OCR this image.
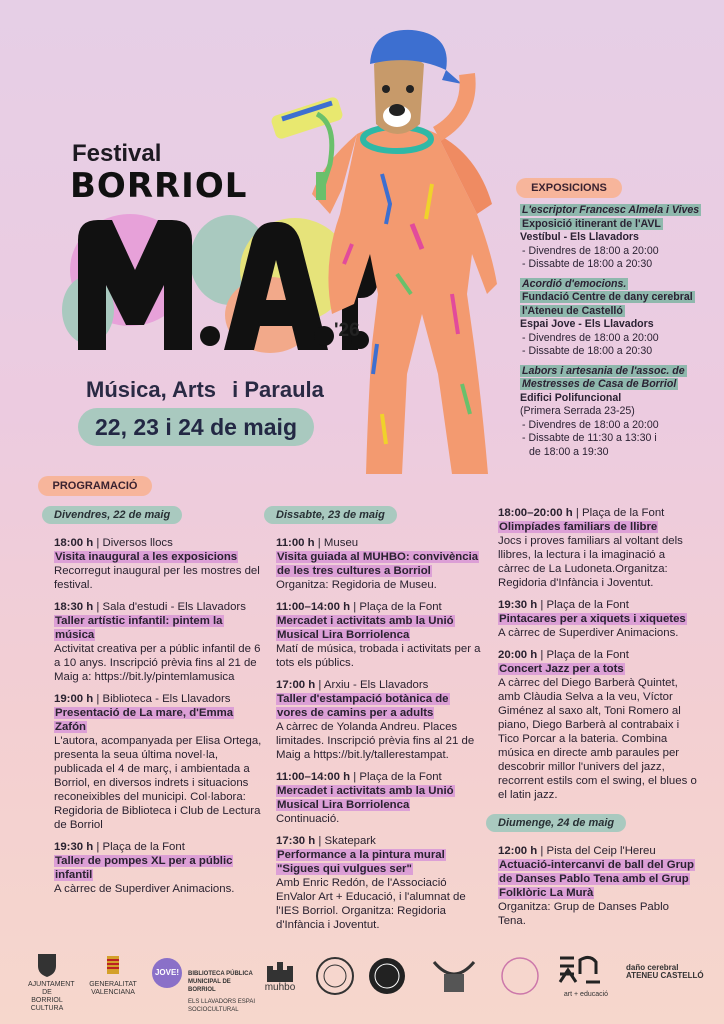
Festival
BORRIOL
'26
Música, Arts i Paraula
22, 23 i 24 de maig
EXPOSICIONS
L'escriptor Francesc Almela i Vives
Exposició itinerant de l'AVL
Vestíbul - Els Llavadors
- Divendres de 18:00 a 20:00
- Dissabte de 18:00 a 20:30
Acordió d'emocions.
Fundació Centre de dany cerebral l'Ateneu de Castelló
Espai Jove - Els Llavadors
- Divendres de 18:00 a 20:00
- Dissabte de 18:00 a 20:30
Labors i artesania de l'assoc. de Mestresses de Casa de Borriol
Edifici Polifuncional
(Primera Serrada 23-25)
- Divendres de 18:00 a 20:00
- Dissabte de 11:30 a 13:30 i
de 18:00 a 19:30
PROGRAMACIÓ
Divendres, 22 de maig
18:00 h | Diversos llocs
Visita inaugural a les exposicions
Recorregut inaugural per les mostres del festival.
18:30 h | Sala d'estudi - Els Llavadors
Taller artístic infantil: pintem la música
Activitat creativa per a públic infantil de 6 a 10 anys. Inscripció prèvia fins al 21 de Maig a: https://bit.ly/pintemlamusica
19:00 h | Biblioteca - Els Llavadors
Presentació de La mare, d'Emma Zafón
L'autora, acompanyada per Elisa Ortega, presenta la seua última novel·la, publicada el 4 de març, i ambientada a Borriol, en diversos indrets i situacions reconeixibles del municipi. Col·labora: Regidoria de Biblioteca i Club de Lectura de Borriol
19:30 h | Plaça de la Font
Taller de pompes XL per a públic infantil
A càrrec de Superdiver Animacions.
Dissabte, 23 de maig
11:00 h | Museu
Visita guiada al MUHBO: convivència de les tres cultures a Borriol
Organitza: Regidoria de Museu.
11:00–14:00 h | Plaça de la Font
Mercadet i activitats amb la Unió Musical Lira Borriolenca
Matí de música, trobada i activitats per a tots els públics.
17:00 h | Arxiu - Els Llavadors
Taller d'estampació botànica de vores de camins per a adults
A càrrec de Yolanda Andreu. Places limitades. Inscripció prèvia fins al 21 de Maig a https://bit.ly/tallerestampat.
11:00–14:00 h | Plaça de la Font
Mercadet i activitats amb la Unió Musical Lira Borriolenca
Continuació.
17:30 h | Skatepark
Performance a la pintura mural "Sigues qui vulgues ser"
Amb Enric Redón, de l'Associació EnValor Art + Educació, i l'alumnat de l'IES Borriol. Organitza: Regidoria d'Infància i Joventut.
18:00–20:00 h | Plaça de la Font
Olimpíades familiars de llibre
Jocs i proves familiars al voltant dels llibres, la lectura i la imaginació a càrrec de La Ludoneta.Organitza: Regidoria d'Infància i Joventut.
19:30 h | Plaça de la Font
Pintacares per a xiquets i xiquetes
A càrrec de Superdiver Animacions.
20:00 h | Plaça de la Font
Concert Jazz per a tots
A càrrec del Diego Barberà Quintet, amb Clàudia Selva a la veu, Víctor Giménez al saxo alt, Toni Romero al piano, Diego Barberà al contrabaix i Tico Porcar a la bateria. Combina música en directe amb paraules per descobrir millor l'univers del jazz, recorrent estils com el swing, el blues o el latin jazz.
Diumenge, 24 de maig
12:00 h | Pista del Ceip l'Hereu
Actuació-intercanvi de ball del Grup de Danses Pablo Tena amb el Grup Folklòric La Murà
Organitza: Grup de Danses Pablo Tena.
AJUNTAMENT DE BORRIOL CULTURA
GENERALITAT VALENCIANA
JOVE!	BIBLIOTECA PÚBLICA MUNICIPAL DE BORRIOL
ELS LLAVADORS ESPAI SOCIOCULTURAL
muhbo
art + educació
daño cerebral ATENEU CASTELLÓ
